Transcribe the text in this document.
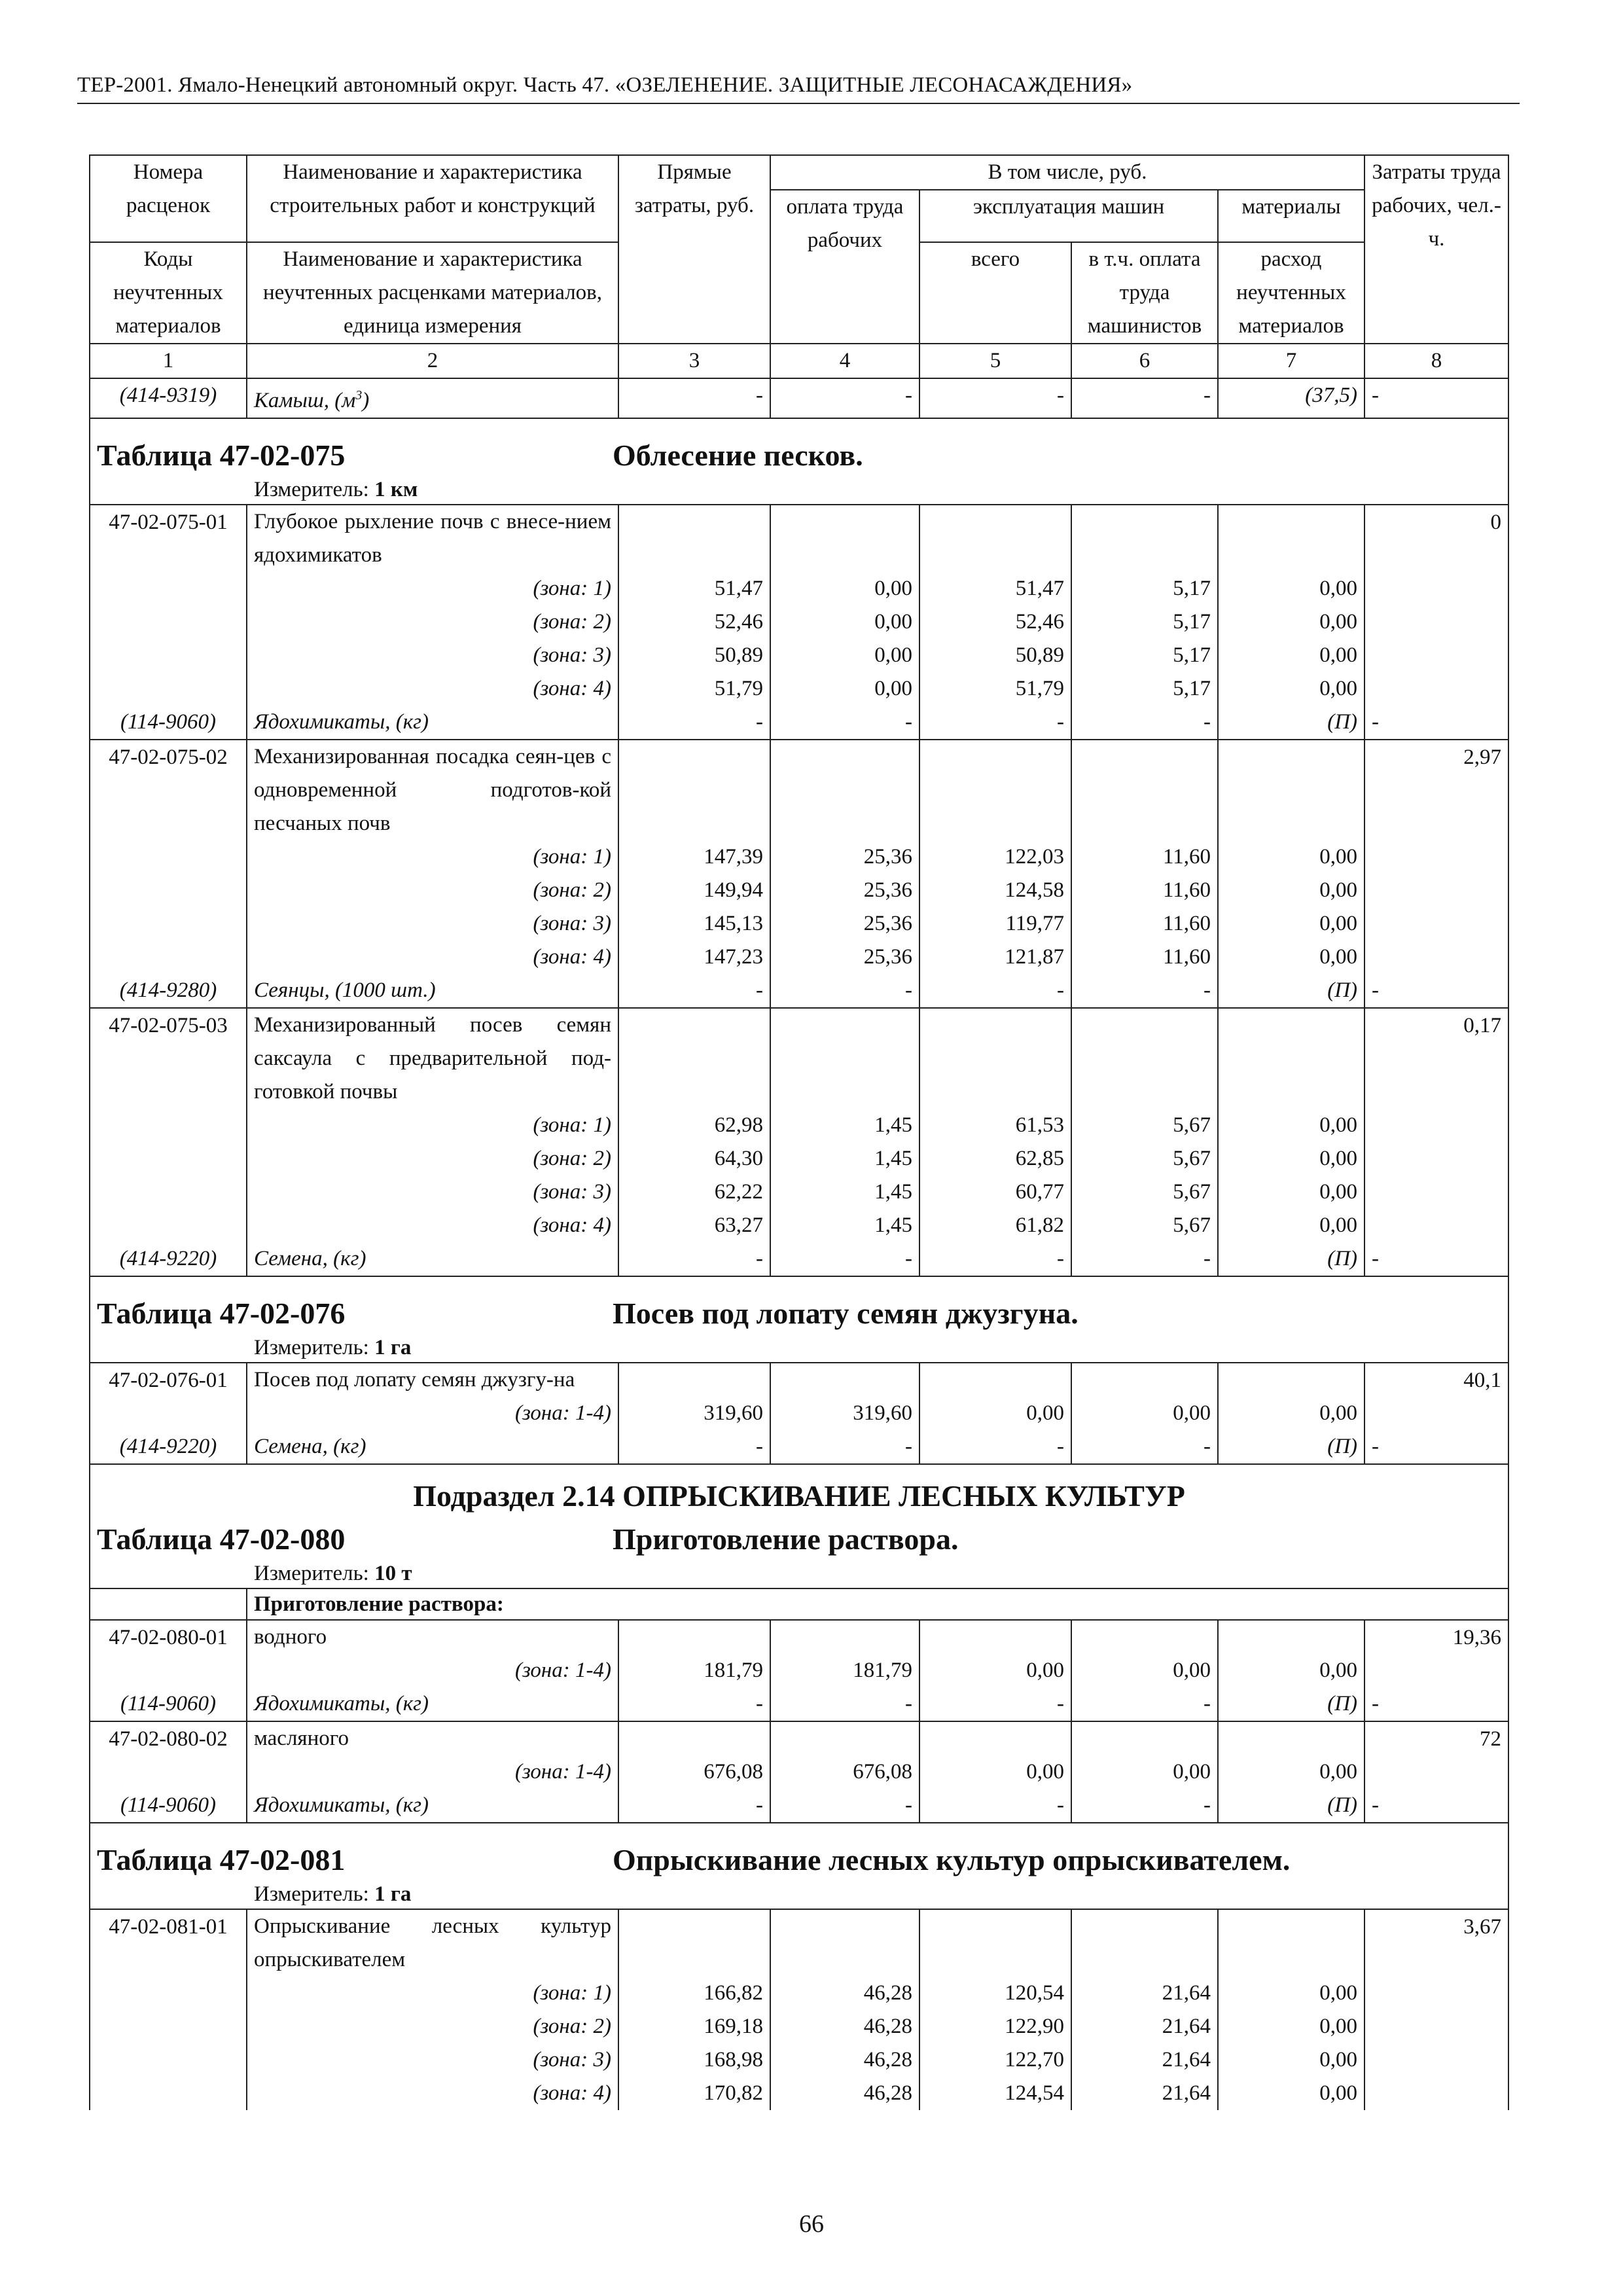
ТЕР-2001. Ямало-Ненецкий автономный округ. Часть 47. «ОЗЕЛЕНЕНИЕ. ЗАЩИТНЫЕ ЛЕСОНАСАЖДЕНИЯ»
Номера расценок	Наименование и характеристика строительных работ и конструкций	Прямые затраты, руб.	В том числе, руб.				Затраты труда рабочих, чел.-ч.
			оплата труда рабочих	эксплуатация машин		материалы	
Коды неучтенных материалов	Наименование и характеристика неучтенных расценками материалов, единица измерения			всего	в т.ч. оплата труда машинистов	расход неучтенных материалов	

1	2	3	4	5	6	7	8
(414-9319)	Камыш, $(м^3)$	-	-	-	-	(37,5)	-

Таблица 47-02-075 Облесение песков.
Измеритель: 1 км							

47-02-075-01	Глубокое рыхление почв с внесе-нием ядохимикатов						0
	(зона: 1)	51,47	0,00	51,47	5,17	0,00	
	(зона: 2)	52,46	0,00	52,46	5,17	0,00	
	(зона: 3)	50,89	0,00	50,89	5,17	0,00	
	(зона: 4)	51,79	0,00	51,79	5,17	0,00	
(114-9060)	Ядохимикаты, (кг)	-	-	-	-	(П)	-
47-02-075-02	Механизированная посадка сеян-цев с одновременной подготов-кой песчаных почв						2,97
	(зона: 1)	147,39	25,36	122,03	11,60	0,00	
	(зона: 2)	149,94	25,36	124,58	11,60	0,00	
	(зона: 3)	145,13	25,36	119,77	11,60	0,00	
	(зона: 4)	147,23	25,36	121,87	11,60	0,00	
(414-9280)	Сеянцы, (1000 шт.)	-	-	-	-	(П)	-
47-02-075-03	Механизированный посев семян саксаула с предварительной под-готовкой почвы						0,17
	(зона: 1)	62,98	1,45	61,53	5,67	0,00	
	(зона: 2)	64,30	1,45	62,85	5,67	0,00	
	(зона: 3)	62,22	1,45	60,77	5,67	0,00	
	(зона: 4)	63,27	1,45	61,82	5,67	0,00	
(414-9220)	Семена, (кг)	-	-	-	-	(П)	-

Таблица 47-02-076 Посев под лопату семян джузгуна.
Измеритель: 1 га							

47-02-076-01	Посев под лопату семян джузгу-на						40,1
	(зона: 1-4)	319,60	319,60	0,00	0,00	0,00	
(414-9220)	Семена, (кг)	-	-	-	-	(П)	-

Подраздел 2.14 ОПРЫСКИВАНИЕ ЛЕСНЫХ КУЛЬТУР							

Таблица 47-02-080 Приготовление раствора.
Измеритель: 10 т							

	Приготовление раствора:						
47-02-080-01	водного						19,36
	(зона: 1-4)	181,79	181,79	0,00	0,00	0,00	
(114-9060)	Ядохимикаты, (кг)	-	-	-	-	(П)	-
47-02-080-02	масляного						72
	(зона: 1-4)	676,08	676,08	0,00	0,00	0,00	
(114-9060)	Ядохимикаты, (кг)	-	-	-	-	(П)	-

Таблица 47-02-081 Опрыскивание лесных культур опрыскивателем.
Измеритель: 1 га							

47-02-081-01	Опрыскивание лесных культур опрыскивателем						3,67
	(зона: 1)	166,82	46,28	120,54	21,64	0,00	
	(зона: 2)	169,18	46,28	122,90	21,64	0,00	
	(зона: 3)	168,98	46,28	122,70	21,64	0,00	
	(зона: 4)	170,82	46,28	124,54	21,64	0,00	
66
